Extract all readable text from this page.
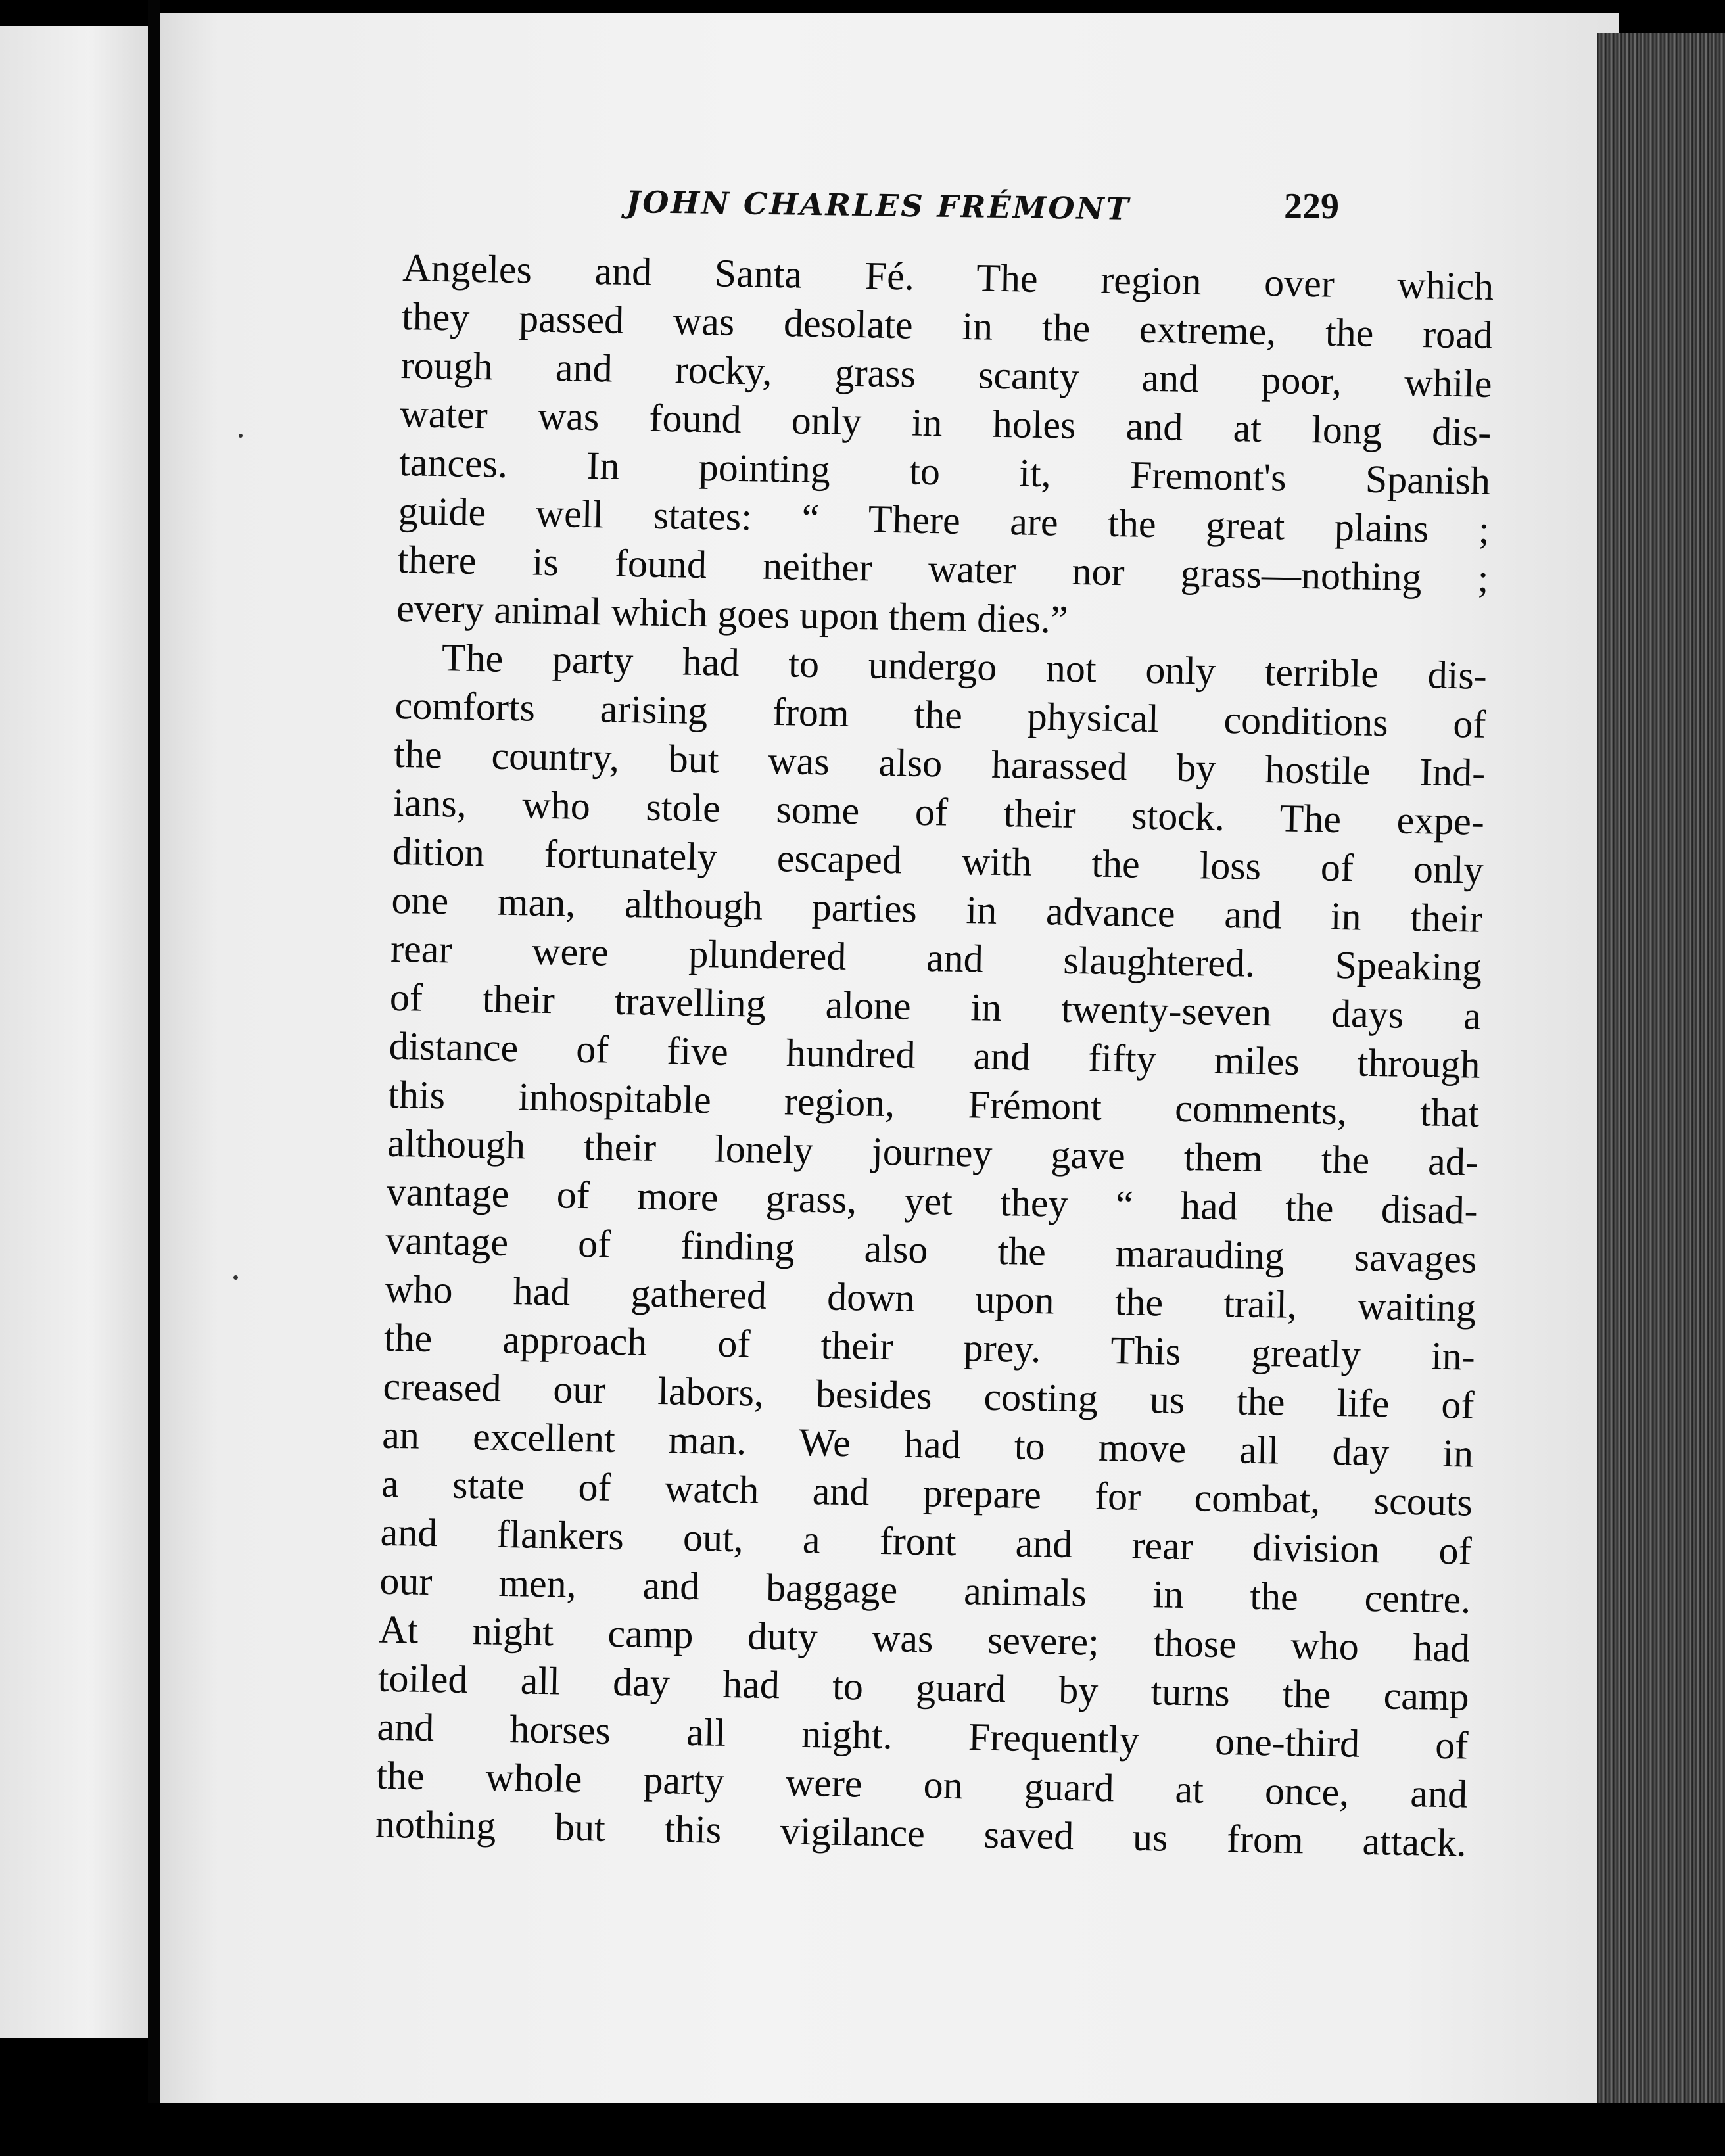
JOHN CHARLES FRÉMONT	229
Angeles and Santa Fé. The region over which
they passed was desolate in the extreme, the road
rough and rocky, grass scanty and poor, while
water was found only in holes and at long dis-
tances. In pointing to it, Fremont's Spanish
guide well states: “ There are the great plains ;
there is found neither water nor grass—nothing ;
every animal which goes upon them dies.”
The party had to undergo not only terrible dis-
comforts arising from the physical conditions of
the country, but was also harassed by hostile Ind-
ians, who stole some of their stock. The expe-
dition fortunately escaped with the loss of only
one man, although parties in advance and in their
rear were plundered and slaughtered. Speaking
of their travelling alone in twenty-seven days a
distance of five hundred and fifty miles through
this inhospitable region, Frémont comments, that
although their lonely journey gave them the ad-
vantage of more grass, yet they “ had the disad-
vantage of finding also the marauding savages
who had gathered down upon the trail, waiting
the approach of their prey. This greatly in-
creased our labors, besides costing us the life of
an excellent man. We had to move all day in
a state of watch and prepare for combat, scouts
and flankers out, a front and rear division of
our men, and baggage animals in the centre.
At night camp duty was severe; those who had
toiled all day had to guard by turns the camp
and horses all night. Frequently one-third of
the whole party were on guard at once, and
nothing but this vigilance saved us from attack.
